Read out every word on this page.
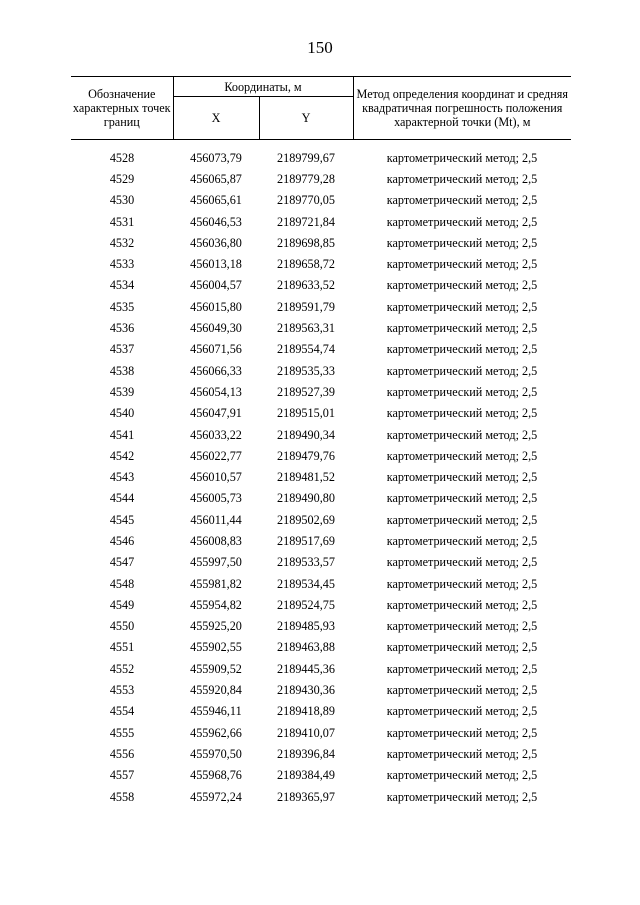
150
Обозначение характерных точек границ	Координаты, м		Метод определения координат и средняя квадратичная погрешность положения характерной точки (Mt), м
	X	Y	

4528	456073,79	2189799,67	картометрический метод; 2,5
4529	456065,87	2189779,28	картометрический метод; 2,5
4530	456065,61	2189770,05	картометрический метод; 2,5
4531	456046,53	2189721,84	картометрический метод; 2,5
4532	456036,80	2189698,85	картометрический метод; 2,5
4533	456013,18	2189658,72	картометрический метод; 2,5
4534	456004,57	2189633,52	картометрический метод; 2,5
4535	456015,80	2189591,79	картометрический метод; 2,5
4536	456049,30	2189563,31	картометрический метод; 2,5
4537	456071,56	2189554,74	картометрический метод; 2,5
4538	456066,33	2189535,33	картометрический метод; 2,5
4539	456054,13	2189527,39	картометрический метод; 2,5
4540	456047,91	2189515,01	картометрический метод; 2,5
4541	456033,22	2189490,34	картометрический метод; 2,5
4542	456022,77	2189479,76	картометрический метод; 2,5
4543	456010,57	2189481,52	картометрический метод; 2,5
4544	456005,73	2189490,80	картометрический метод; 2,5
4545	456011,44	2189502,69	картометрический метод; 2,5
4546	456008,83	2189517,69	картометрический метод; 2,5
4547	455997,50	2189533,57	картометрический метод; 2,5
4548	455981,82	2189534,45	картометрический метод; 2,5
4549	455954,82	2189524,75	картометрический метод; 2,5
4550	455925,20	2189485,93	картометрический метод; 2,5
4551	455902,55	2189463,88	картометрический метод; 2,5
4552	455909,52	2189445,36	картометрический метод; 2,5
4553	455920,84	2189430,36	картометрический метод; 2,5
4554	455946,11	2189418,89	картометрический метод; 2,5
4555	455962,66	2189410,07	картометрический метод; 2,5
4556	455970,50	2189396,84	картометрический метод; 2,5
4557	455968,76	2189384,49	картометрический метод; 2,5
4558	455972,24	2189365,97	картометрический метод; 2,5
